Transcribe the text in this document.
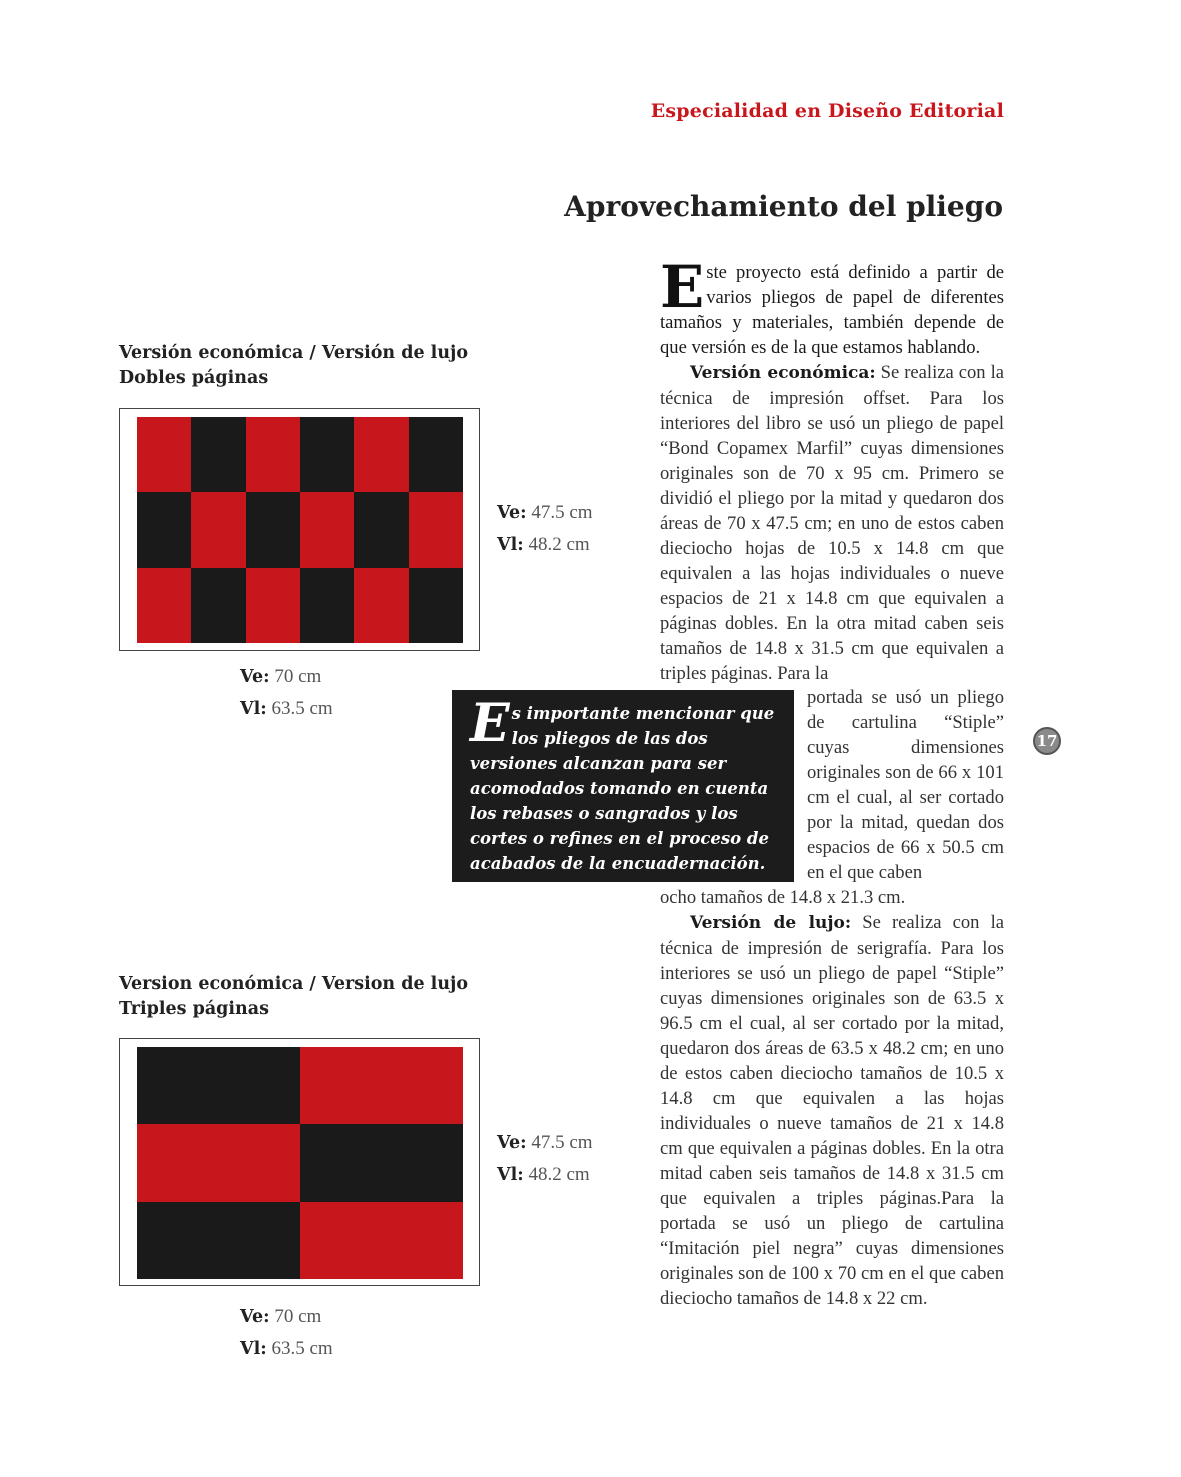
Especialidad en Diseño Editorial
Aprovechamiento del pliego

Este proyecto está definido a partir de varios pliegos de papel de diferentes tamaños y materiales, también depende de que versión es de la que estamos hablando.

Versión económica: Se realiza con la técnica de impresión offset. Para los interiores del libro se usó un pliego de papel “Bond Copamex Marfil” cuyas dimensiones originales son de 70 x 95 cm. Primero se dividió el pliego por la mitad y quedaron dos áreas de 70 x 47.5 cm; en uno de estos caben dieciocho hojas de 10.5 x 14.8 cm que equivalen a las hojas individuales o nueve espacios de 21 x 14.8 cm que equivalen a páginas dobles. En la otra mitad caben seis tamaños de 14.8 x 31.5 cm que equivalen a triples páginas. Para la

portada se usó un pliego de cartulina “Stiple” cuyas dimensiones originales son de 66 x 101 cm el cual, al ser cortado por la mitad, quedan dos espacios de 66 x 50.5 cm en el que caben

ocho tamaños de 14.8 x 21.3 cm.

Versión de lujo: Se realiza con la técnica de impresión de serigrafía. Para los interiores se usó un pliego de papel “Stiple” cuyas dimensiones originales son de 63.5 x 96.5 cm el cual, al ser cortado por la mitad, quedaron dos áreas de 63.5 x 48.2 cm; en uno de estos caben dieciocho tamaños de 10.5 x 14.8 cm que equivalen a las hojas individuales o nueve tamaños de 21 x 14.8 cm que equivalen a páginas dobles. En la otra mitad caben seis tamaños de 14.8 x 31.5 cm que equivalen a triples páginas.Para la portada se usó un pliego de cartulina “Imitación piel negra” cuyas dimensiones originales son de 100 x 70 cm en el que caben dieciocho tamaños de 14.8 x 22 cm.

Es importante mencionar que los pliegos de las dos versiones alcanzan para ser acomodados tomando en cuenta los rebases o sangrados y los cortes o refines en el proceso de acabados de la encuadernación.
Versión económica / Versión de lujo
Dobles páginas
Ve: 47.5 cm
Vl: 48.2 cm
Ve: 70 cm
Vl: 63.5 cm
Version económica / Version de lujo
Triples páginas
Ve: 47.5 cm
Vl: 48.2 cm
Ve: 70 cm
Vl: 63.5 cm
17
